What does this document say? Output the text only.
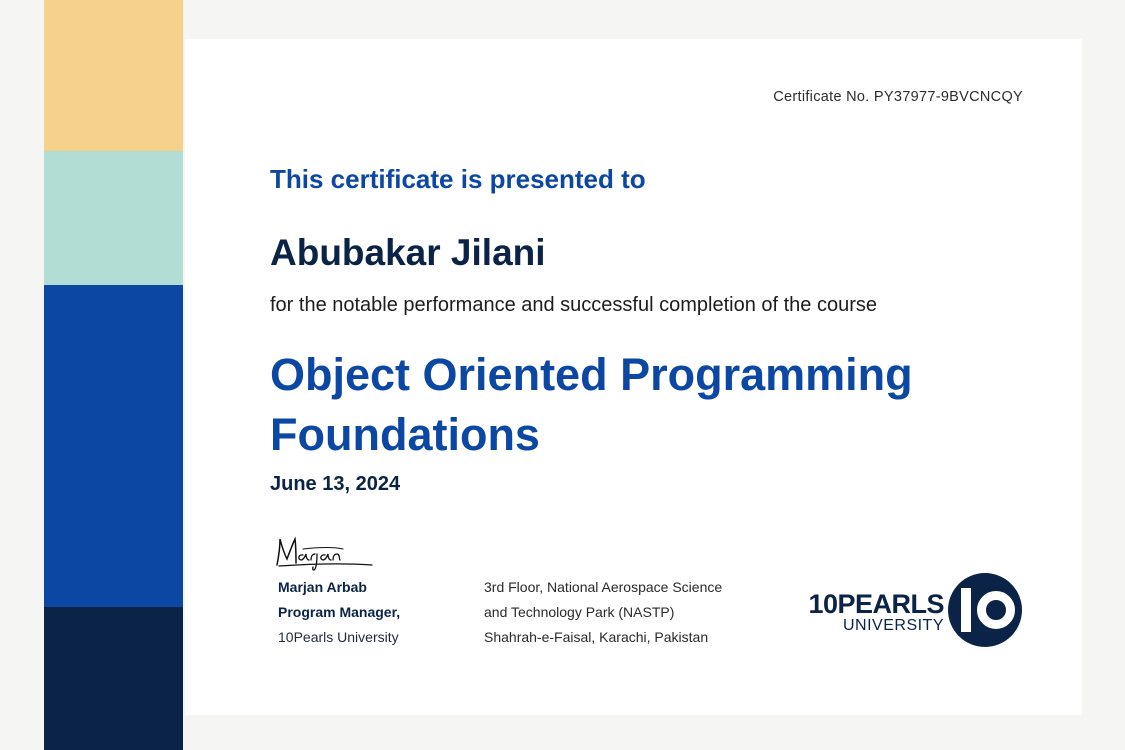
Certificate No. PY37977-9BVCNCQY
This certificate is presented to
Abubakar Jilani
for the notable performance and successful completion of the course
Object Oriented Programming Foundations
June 13, 2024
Marjan Arbab
Program Manager,
10Pearls University
3rd Floor, National Aerospace Science
and Technology Park (NASTP)
Shahrah-e-Faisal, Karachi, Pakistan
10PEARLS
UNIVERSITY
